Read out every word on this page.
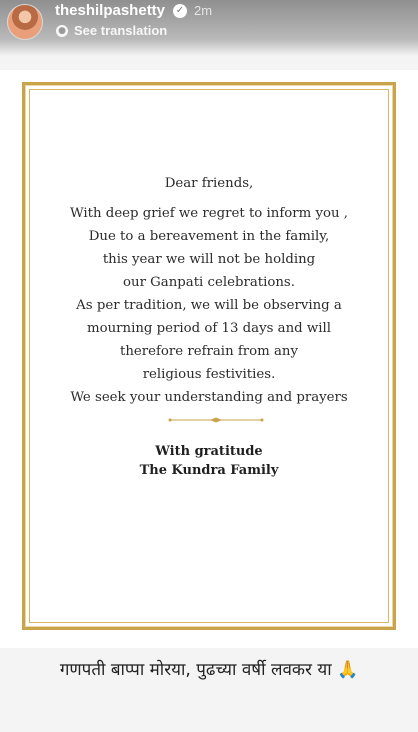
theshilpashetty ✓ 2m
● See translation
Dear friends,
With deep grief we regret to inform you ,
Due to a bereavement in the family,
this year we will not be holding
our Ganpati celebrations.
As per tradition, we will be observing a
mourning period of 13 days and will
therefore refrain from any
religious festivities.
We seek your understanding and prayers
With gratitude
The Kundra Family
गणपती बाप्पा मोरया, पुढच्या वर्षी लवकर या 🙏
